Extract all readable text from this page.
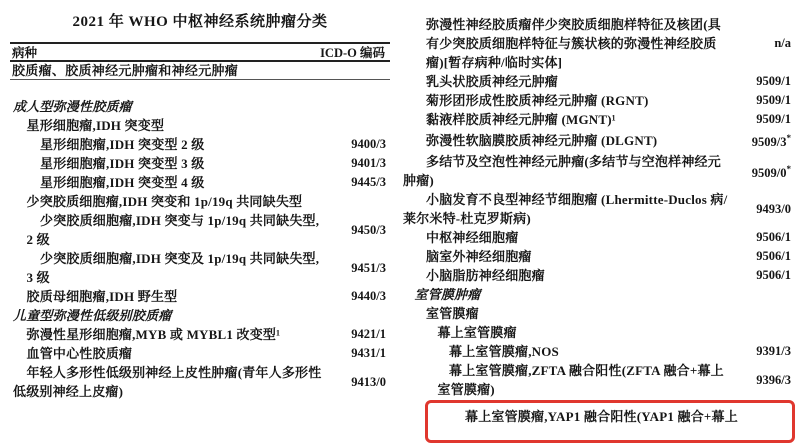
2021 年 WHO 中枢神经系统肿瘤分类
病种	ICD-O 编码
胶质瘤、胶质神经元肿瘤和神经元肿瘤
成人型弥漫性胶质瘤
星形细胞瘤,IDH 突变型
星形细胞瘤,IDH 突变型 2 级	9400/3
星形细胞瘤,IDH 突变型 3 级	9401/3
星形细胞瘤,IDH 突变型 4 级	9445/3
少突胶质细胞瘤,IDH 突变和 1p/19q 共同缺失型
少突胶质细胞瘤,IDH 突变与 1p/19q 共同缺失型,
2 级
9450/3
少突胶质细胞瘤,IDH 突变及 1p/19q 共同缺失型,
3 级
9451/3
胶质母细胞瘤,IDH 野生型	9440/3
儿童型弥漫性低级别胶质瘤
弥漫性星形细胞瘤,MYB 或 MYBL1 改变型¹	9421/1
血管中心性胶质瘤	9431/1
年轻人多形性低级别神经上皮性肿瘤(青年人多形性
低级别神经上皮瘤)
9413/0
弥漫性神经胶质瘤伴少突胶质细胞样特征及核团(具
有少突胶质细胞样特征与簇状核的弥漫性神经胶质
瘤)[暂存病种/临时实体]
n/a
乳头状胶质神经元肿瘤	9509/1
菊形团形成性胶质神经元肿瘤 (RGNT)	9509/1
黏液样胶质神经元肿瘤 (MGNT)¹	9509/1
弥漫性软脑膜胶质神经元肿瘤 (DLGNT)	9509/3*
多结节及空泡性神经元肿瘤(多结节与空泡样神经元
肿瘤)
9509/0*
小脑发育不良型神经节细胞瘤 (Lhermitte-Duclos 病/
莱尔米特-杜克罗斯病)
9493/0
中枢神经细胞瘤	9506/1
脑室外神经细胞瘤	9506/1
小脑脂肪神经细胞瘤	9506/1
室管膜肿瘤
室管膜瘤
幕上室管膜瘤
幕上室管膜瘤,NOS	9391/3
幕上室管膜瘤,ZFTA 融合阳性(ZFTA 融合+幕上
室管膜瘤)
9396/3
幕上室管膜瘤,YAP1 融合阳性(YAP1 融合+幕上
